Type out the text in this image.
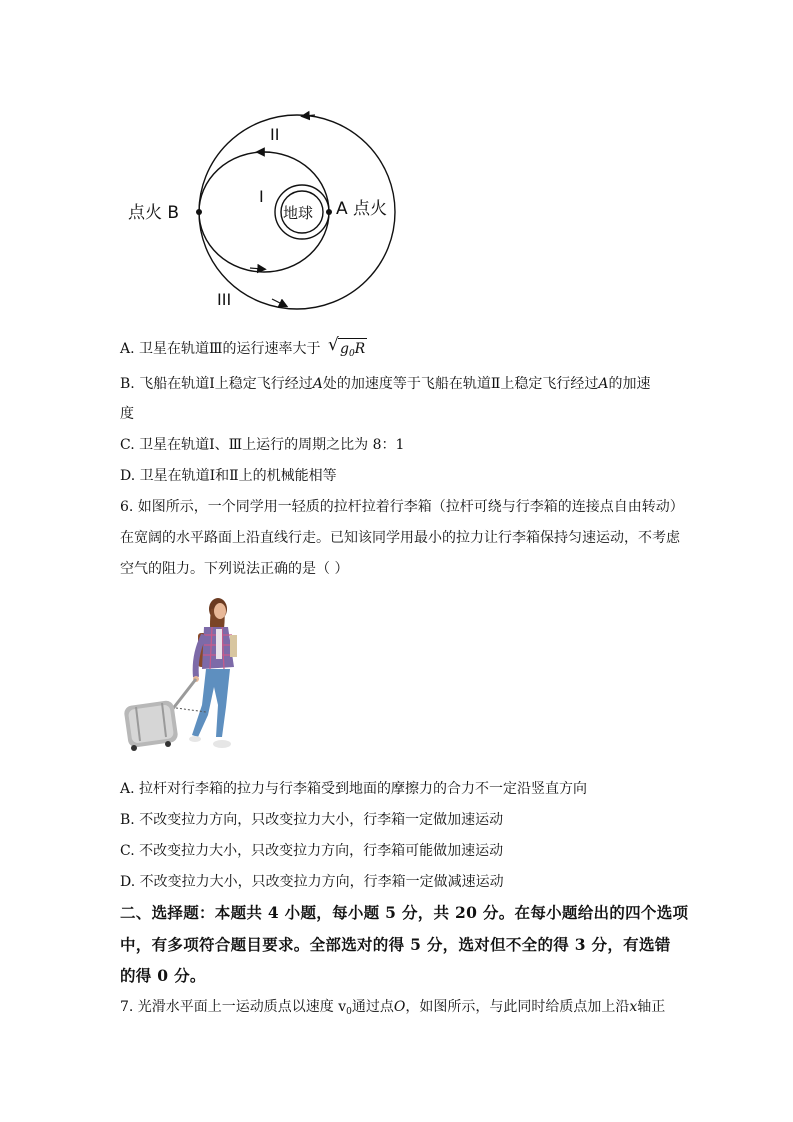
II
I
III
地球 A 点火
点火 B
A. 卫星在轨道Ⅲ的运行速率大于 √ $g_0R$
B. 飞船在轨道Ⅰ上稳定飞行经过A处的加速度等于飞船在轨道Ⅱ上稳定飞行经过A的加速
度
C. 卫星在轨道Ⅰ、Ⅲ上运行的周期之比为 8：1
D. 卫星在轨道Ⅰ和Ⅱ上的机械能相等
6. 如图所示，一个同学用一轻质的拉杆拉着行李箱（拉杆可绕与行李箱的连接点自由转动）
在宽阔的水平路面上沿直线行走。已知该同学用最小的拉力让行李箱保持匀速运动，不考虑
空气的阻力。下列说法正确的是（ ）
A. 拉杆对行李箱的拉力与行李箱受到地面的摩擦力的合力不一定沿竖直方向
B. 不改变拉力方向，只改变拉力大小，行李箱一定做加速运动
C. 不改变拉力大小，只改变拉力方向，行李箱可能做加速运动
D. 不改变拉力大小，只改变拉力方向，行李箱一定做减速运动
二、选择题：本题共 4 小题，每小题 5 分，共 20 分。在每小题给出的四个选项
中，有多项符合题目要求。全部选对的得 5 分，选对但不全的得 3 分，有选错
的得 0 分。
7. 光滑水平面上一运动质点以速度 $v_0$通过点O，如图所示，与此同时给质点加上沿x轴正
